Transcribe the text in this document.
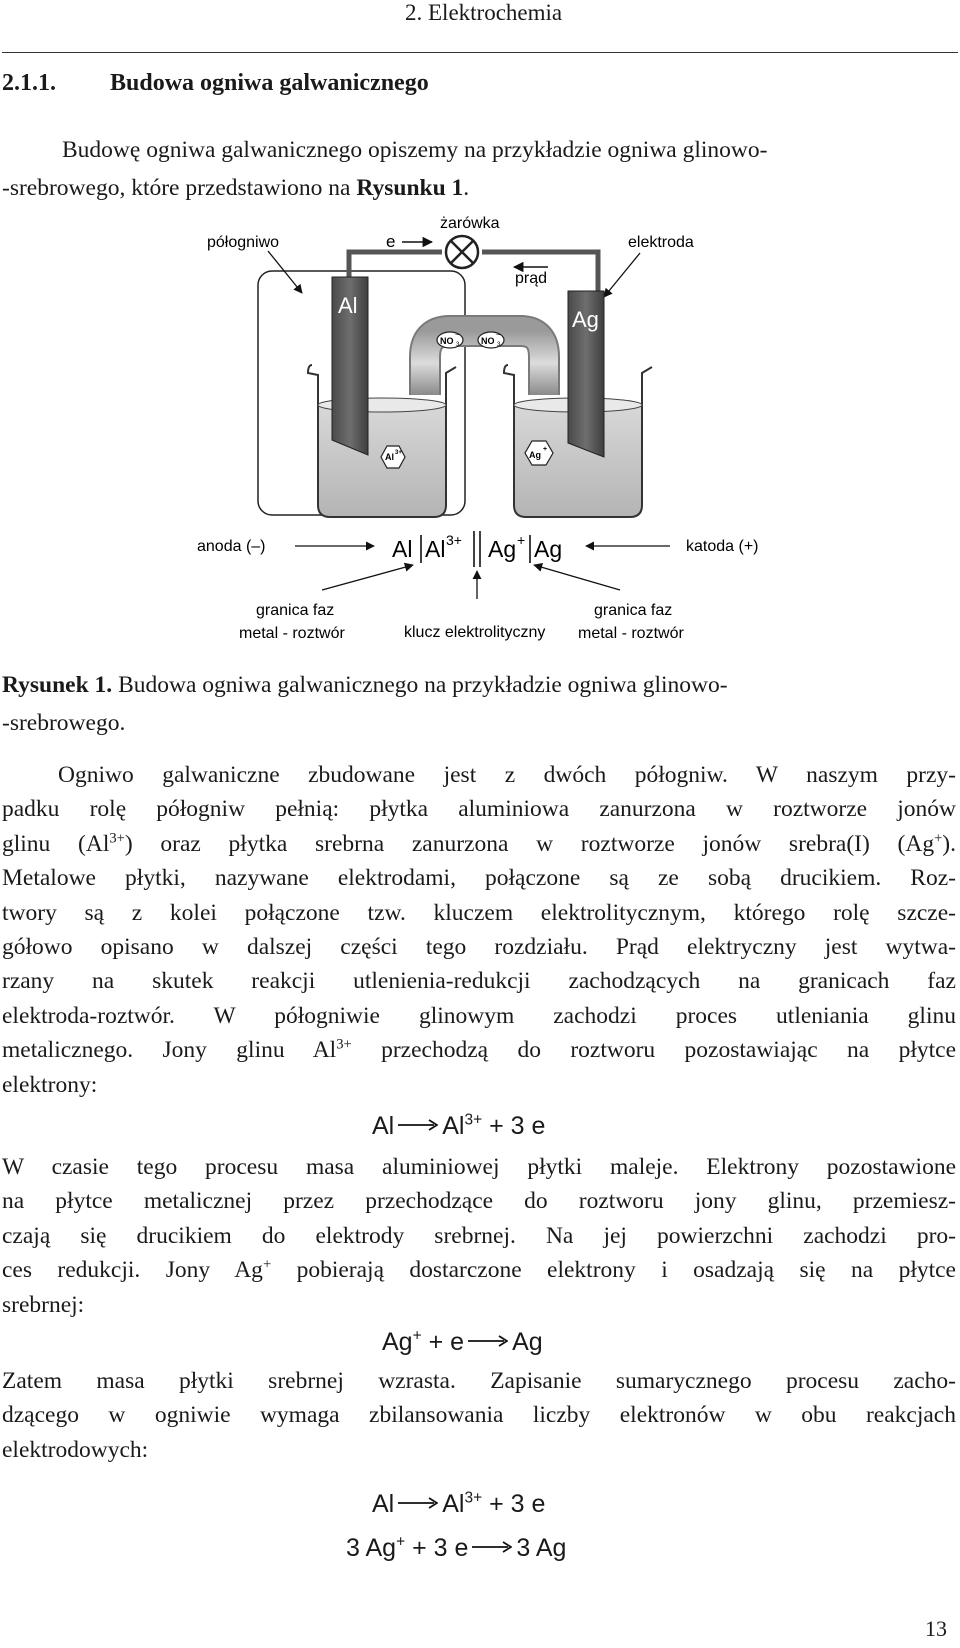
2. Elektrochemia
2.1.1. Budowa ogniwa galwanicznego
Budowę ogniwa galwanicznego opiszemy na przykładzie ogniwa glinowo-
-srebrowego, które przedstawiono na Rysunku 1.
żarówka
e
półogniwo	elektroda
prąd
NO 3
−
NO 3
−
Al
Ag
Al 3+	Ag
+
anoda (–)	katoda (+)
Al Al 3+ Ag + Ag
granica faz
metal - roztwór	klucz elektrolityczny
granica faz
metal - roztwór
Rysunek 1. Budowa ogniwa galwanicznego na przykładzie ogniwa glinowo-
-srebrowego.
Ogniwo galwaniczne zbudowane jest z dwóch półogniw. W naszym przy-
padku rolę półogniw pełnią: płytka aluminiowa zanurzona w roztworze jonów
glinu $(Al^{3+})$ oraz płytka srebrna zanurzona w roztworze jonów srebra(I) (Ag+).
Metalowe płytki, nazywane elektrodami, połączone są ze sobą drucikiem. Roz-
twory są z kolei połączone tzw. kluczem elektrolitycznym, którego rolę szcze-
gółowo opisano w dalszej części tego rozdziału. Prąd elektryczny jest wytwa-
rzany na skutek reakcji utlenienia-redukcji zachodzących na granicach faz
elektroda-roztwór. W półogniwie glinowym zachodzi proces utleniania glinu
metalicznego. Jony glinu $Al^{3+}$ przechodzą do roztworu pozostawiając na płytce
elektrony:
$Al \to Al^{3+} + 3$ e
W czasie tego procesu masa aluminiowej płytki maleje. Elektrony pozostawione
na płytce metalicznej przez przechodzące do roztworu jony glinu, przemiesz-
czają się drucikiem do elektrody srebrnej. Na jej powierzchni zachodzi pro-
ces redukcji. Jony Ag+ pobierają dostarczone elektrony i osadzają się na płytce
srebrnej:
Ag+ + e → Ag
Zatem masa płytki srebrnej wzrasta. Zapisanie sumarycznego procesu zacho-
dzącego w ogniwie wymaga zbilansowania liczby elektronów w obu reakcjach
elektrodowych:
$Al \to Al^{3+} + 3$ e
3 Ag+ + 3 e → 3 Ag
13
